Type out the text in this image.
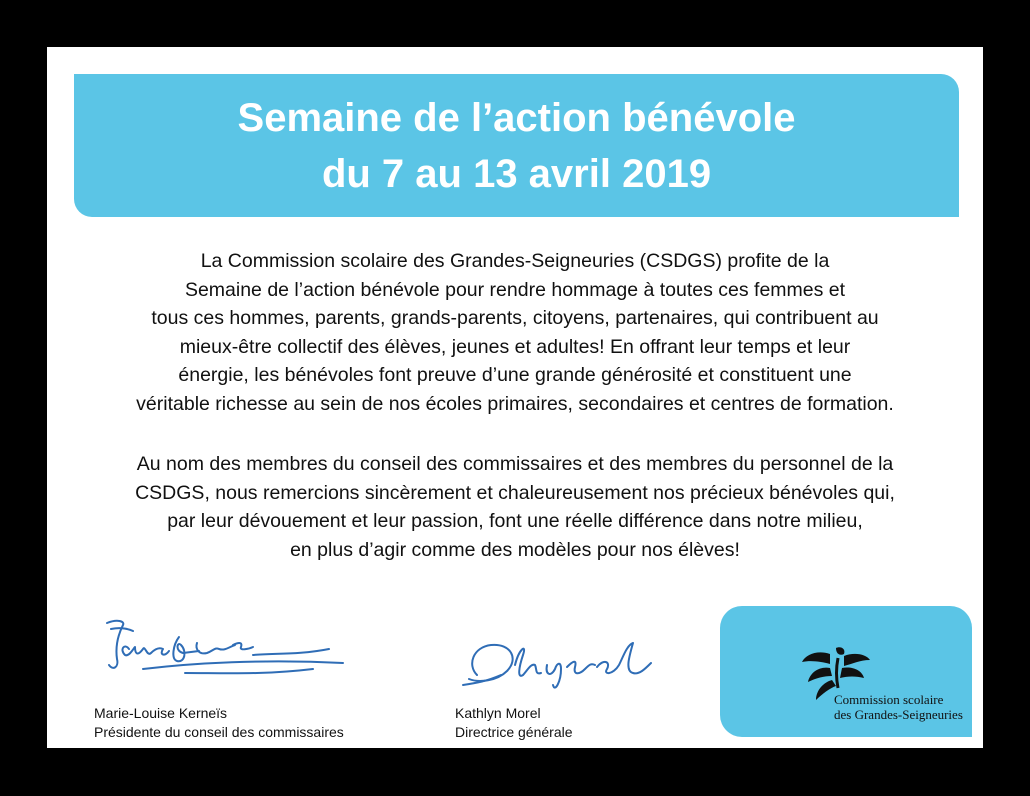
Semaine de l’action bénévole
du 7 au 13 avril 2019
La Commission scolaire des Grandes-Seigneuries (CSDGS) profite de la
Semaine de l’action bénévole pour rendre hommage à toutes ces femmes et
tous ces hommes, parents, grands-parents, citoyens, partenaires, qui contribuent au
mieux-être collectif des élèves, jeunes et adultes! En offrant leur temps et leur
énergie, les bénévoles font preuve d’une grande générosité et constituent une
véritable richesse au sein de nos écoles primaires, secondaires et centres de formation.
Au nom des membres du conseil des commissaires et des membres du personnel de la
CSDGS, nous remercions sincèrement et chaleureusement nos précieux bénévoles qui,
par leur dévouement et leur passion, font une réelle différence dans notre milieu,
en plus d’agir comme des modèles pour nos élèves!
Marie-Louise Kerneïs
Présidente du conseil des commissaires
Kathlyn Morel
Directrice générale
Commission scolaire
des Grandes-Seigneuries
